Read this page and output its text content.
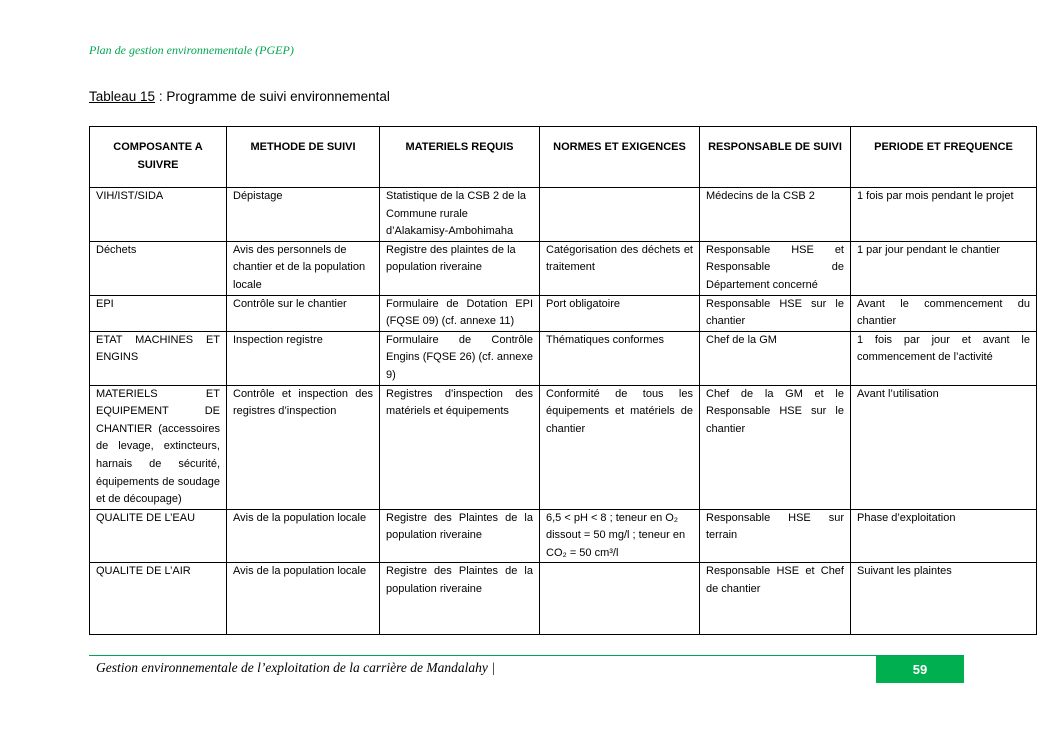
Plan de gestion environnementale (PGEP)
Tableau 15 : Programme de suivi environnemental
COMPOSANTE A SUIVRE	METHODE DE SUIVI	MATERIELS REQUIS	NORMES ET EXIGENCES	RESPONSABLE DE SUIVI	PERIODE ET FREQUENCE
VIH/IST/SIDA	Dépistage	Statistique de la CSB 2 de la Commune rurale d’Alakamisy-Ambohimaha		Médecins de la CSB 2	1 fois par mois pendant le projet
Déchets	Avis des personnels de chantier et de la population locale	Registre des plaintes de la population riveraine	Catégorisation des déchets et traitement	Responsable HSE et Responsable de Département concerné	1 par jour pendant le chantier
EPI	Contrôle sur le chantier	Formulaire de Dotation EPI (FQSE 09) (cf. annexe 11)	Port obligatoire	Responsable HSE sur le chantier	Avant le commencement du chantier
ETAT MACHINES ET ENGINS	Inspection registre	Formulaire de Contrôle Engins (FQSE 26) (cf. annexe 9)	Thématiques conformes	Chef de la GM	1 fois par jour et avant le commencement de l’activité
MATERIELS ET EQUIPEMENT DE CHANTIER (accessoires de levage, extincteurs, harnais de sécurité, équipements de soudage et de découpage)	Contrôle et inspection des registres d’inspection	Registres d’inspection des matériels et équipements	Conformité de tous les équipements et matériels de chantier	Chef de la GM et le Responsable HSE sur le chantier	Avant l’utilisation
QUALITE DE L’EAU	Avis de la population locale	Registre des Plaintes de la population riveraine	6,5 < pH < 8 ; teneur en O₂ dissout = 50 mg/l ; teneur en CO₂ = 50 cm³/l	Responsable HSE sur terrain	Phase d’exploitation
QUALITE DE L’AIR	Avis de la population locale	Registre des Plaintes de la population riveraine		Responsable HSE et Chef de chantier	Suivant les plaintes
Gestion environnementale de l’exploitation de la carrière de Mandalahy |	59
